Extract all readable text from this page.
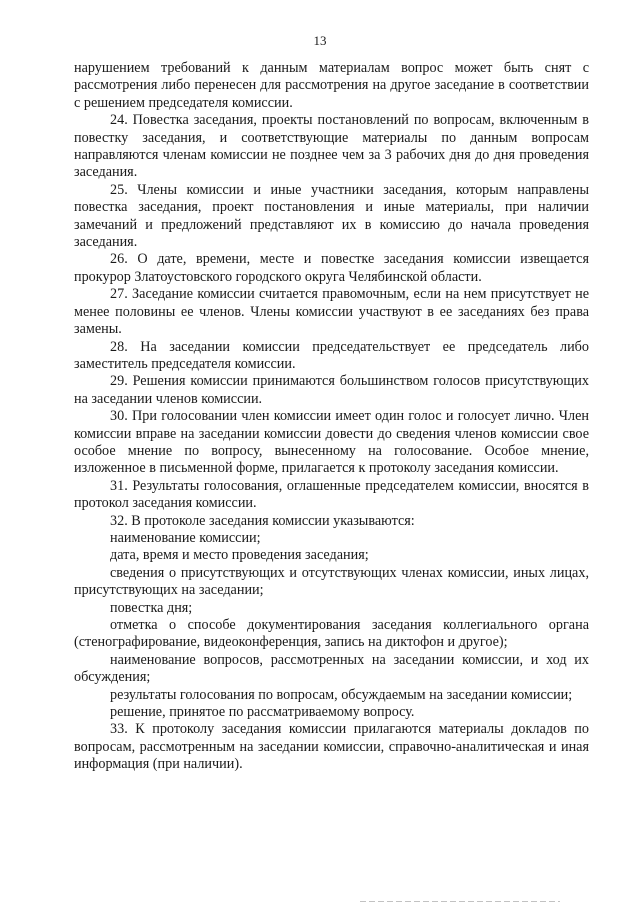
13

нарушением требований к данным материалам вопрос может быть снят с рассмотрения либо перенесен для рассмотрения на другое заседание в соответствии с решением председателя комиссии.

24. Повестка заседания, проекты постановлений по вопросам, включенным в повестку заседания, и соответствующие материалы по данным вопросам направляются членам комиссии не позднее чем за 3 рабочих дня до дня проведения заседания.

25. Члены комиссии и иные участники заседания, которым направлены повестка заседания, проект постановления и иные материалы, при наличии замечаний и предложений представляют их в комиссию до начала проведения заседания.

26. О дате, времени, месте и повестке заседания комиссии извещается прокурор Златоустовского городского округа Челябинской области.

27. Заседание комиссии считается правомочным, если на нем присутствует не менее половины ее членов. Члены комиссии участвуют в ее заседаниях без права замены.

28. На заседании комиссии председательствует ее председатель либо заместитель председателя комиссии.

29. Решения комиссии принимаются большинством голосов присутствующих на заседании членов комиссии.

30. При голосовании член комиссии имеет один голос и голосует лично. Член комиссии вправе на заседании комиссии довести до сведения членов комиссии свое особое мнение по вопросу, вынесенному на голосование. Особое мнение, изложенное в письменной форме, прилагается к протоколу заседания комиссии.

31. Результаты голосования, оглашенные председателем комиссии, вносятся в протокол заседания комиссии.

32. В протоколе заседания комиссии указываются:

наименование комиссии;

дата, время и место проведения заседания;

сведения о присутствующих и отсутствующих членах комиссии, иных лицах, присутствующих на заседании;

повестка дня;

отметка о способе документирования заседания коллегиального органа (стенографирование, видеоконференция, запись на диктофон и другое);

наименование вопросов, рассмотренных на заседании комиссии, и ход их обсуждения;

результаты голосования по вопросам, обсуждаемым на заседании комиссии;

решение, принятое по рассматриваемому вопросу.

33. К протоколу заседания комиссии прилагаются материалы докладов по вопросам, рассмотренным на заседании комиссии, справочно-аналитическая и иная информация (при наличии).
